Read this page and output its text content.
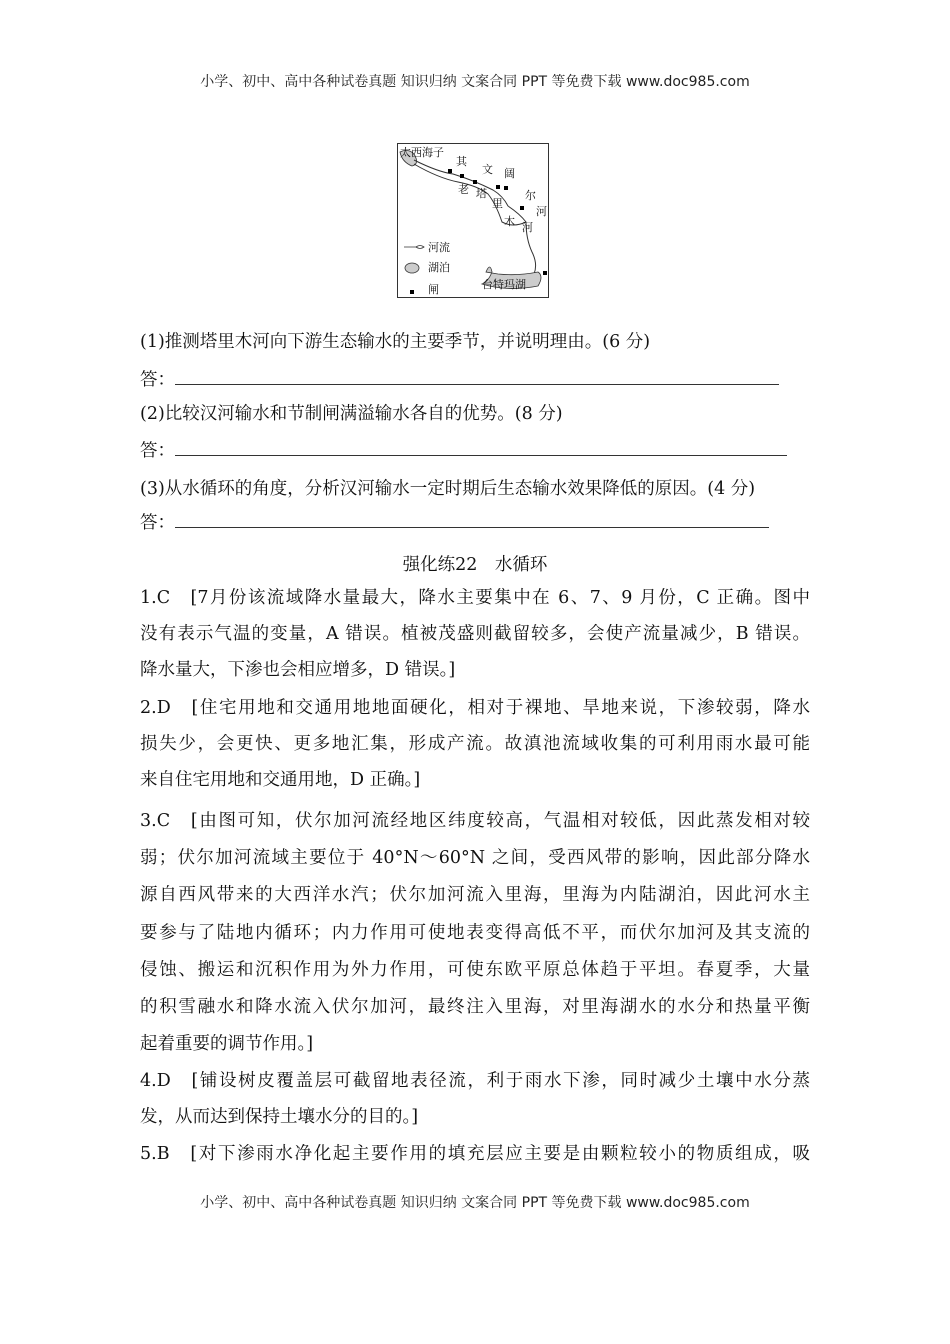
小学、初中、高中各种试卷真题 知识归纳 文案合同 PPT 等免费下载 www.doc985.com
太西海子
其
文 阔
尔
河
老 塔
里
木 河
台特玛湖
河流
湖泊
闸
(1)推测塔里木河向下游生态输水的主要季节，并说明理由。(6 分)
答：
(2)比较汉河输水和节制闸满溢输水各自的优势。(8 分)
答：
(3)从水循环的角度，分析汉河输水一定时期后生态输水效果降低的原因。(4 分)
答：
强化练22　水循环
1.C　[7月份该流域降水量最大，降水主要集中在 6、7、9 月份，C 正确。图中
没有表示气温的变量，A 错误。植被茂盛则截留较多，会使产流量减少，B 错误。
降水量大，下渗也会相应增多，D 错误。]
2.D　[住宅用地和交通用地地面硬化，相对于裸地、旱地来说，下渗较弱，降水
损失少，会更快、更多地汇集，形成产流。故滇池流域收集的可利用雨水最可能
来自住宅用地和交通用地，D 正确。]
3.C　[由图可知，伏尔加河流经地区纬度较高，气温相对较低，因此蒸发相对较
弱；伏尔加河流域主要位于 40°N～60°N 之间，受西风带的影响，因此部分降水
源自西风带来的大西洋水汽；伏尔加河流入里海，里海为内陆湖泊，因此河水主
要参与了陆地内循环；内力作用可使地表变得高低不平，而伏尔加河及其支流的
侵蚀、搬运和沉积作用为外力作用，可使东欧平原总体趋于平坦。春夏季，大量
的积雪融水和降水流入伏尔加河，最终注入里海，对里海湖水的水分和热量平衡
起着重要的调节作用。]
4.D　[铺设树皮覆盖层可截留地表径流，利于雨水下渗，同时减少土壤中水分蒸
发，从而达到保持土壤水分的目的。]
5.B　[对下渗雨水净化起主要作用的填充层应主要是由颗粒较小的物质组成，吸
小学、初中、高中各种试卷真题 知识归纳 文案合同 PPT 等免费下载 www.doc985.com
